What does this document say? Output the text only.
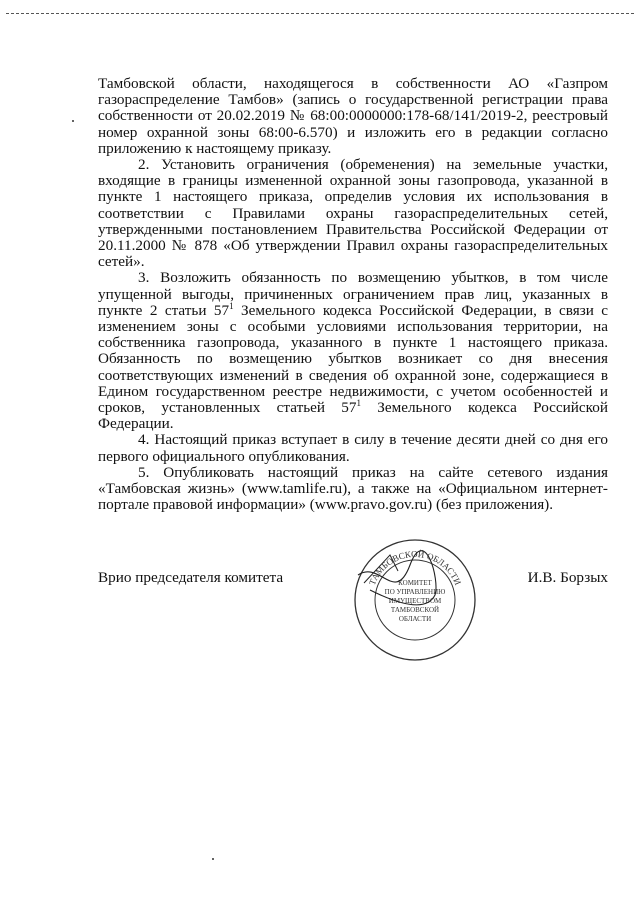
Тамбовской области, находящегося в собственности АО «Газпром газораспределение Тамбов» (запись о государственной регистрации права собственности от 20.02.2019 № 68:00:0000000:178-68/141/2019-2, реестровый номер охранной зоны 68:00-6.570) и изложить его в редакции согласно приложению к настоящему приказу.

2. Установить ограничения (обременения) на земельные участки, входящие в границы измененной охранной зоны газопровода, указанной в пункте 1 настоящего приказа, определив условия их использования в соответствии с Правилами охраны газораспределительных сетей, утвержденными постановлением Правительства Российской Федерации от 20.11.2000 № 878 «Об утверждении Правил охраны газораспределительных сетей».

3. Возложить обязанность по возмещению убытков, в том числе упущенной выгоды, причиненных ограничением прав лиц, указанных в пункте 2 статьи $57^1$ Земельного кодекса Российской Федерации, в связи с изменением зоны с особыми условиями использования территории, на собственника газопровода, указанного в пункте 1 настоящего приказа. Обязанность по возмещению убытков возникает со дня внесения соответствующих изменений в сведения об охранной зоне, содержащиеся в Едином государственном реестре недвижимости, с учетом особенностей и сроков, установленных статьей $57^1$ Земельного кодекса Российской Федерации.

4. Настоящий приказ вступает в силу в течение десяти дней со дня его первого официального опубликования.

5. Опубликовать настоящий приказ на сайте сетевого издания «Тамбовская жизнь» (www.tamlife.ru), а также на «Официальном интернет-портале правовой информации» (www.pravo.gov.ru) (без приложения).

Врио председателя комитета	И.В. Борзых
ТАМБОВСКОЙ ОБЛАСТИ
КОМИТЕТ
ПО УПРАВЛЕНИЮ
ИМУЩЕСТВОМ
ТАМБОВСКОЙ
ОБЛАСТИ
